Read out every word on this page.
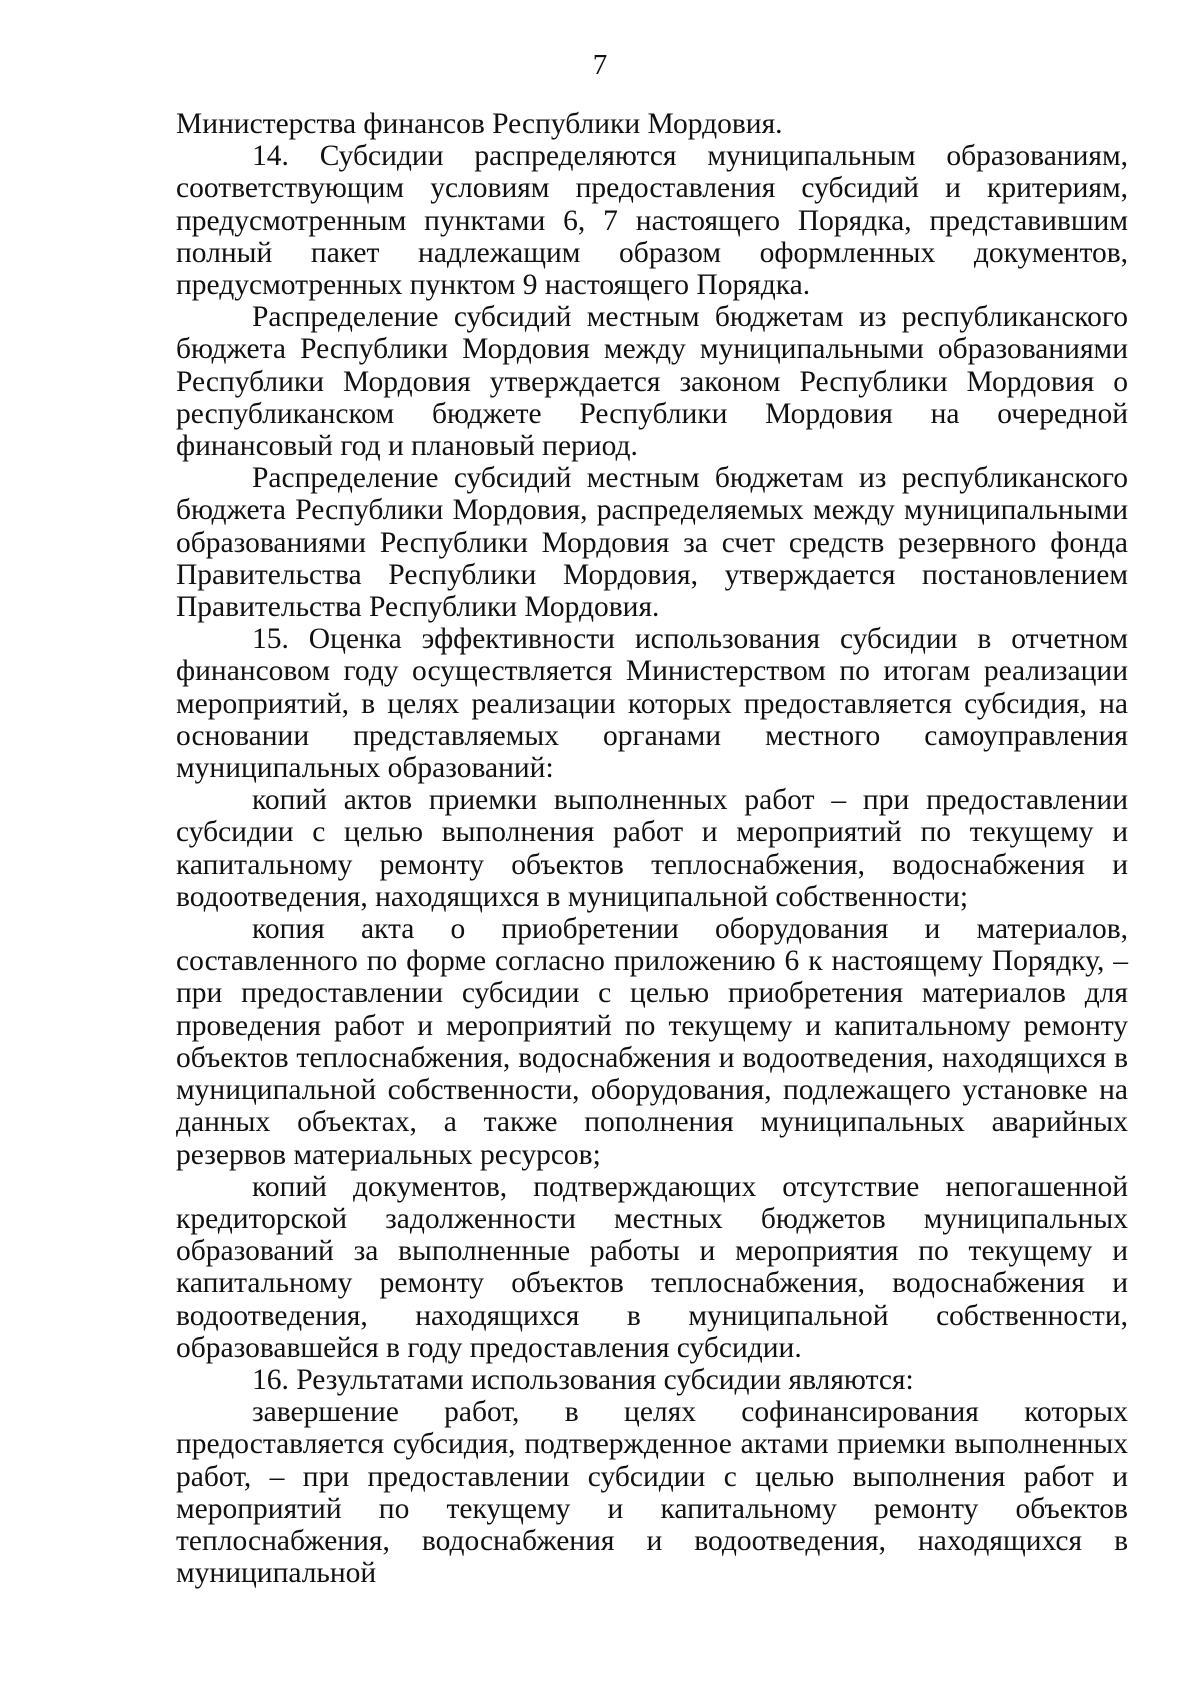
7

Министерства финансов Республики Мордовия.

14. Субсидии распределяются муниципальным образованиям, соответствующим условиям предоставления субсидий и критериям, предусмотренным пунктами 6, 7 настоящего Порядка, представившим полный пакет надлежащим образом оформленных документов, предусмотренных пунктом 9 настоящего Порядка.

Распределение субсидий местным бюджетам из республиканского бюджета Республики Мордовия между муниципальными образованиями Республики Мордовия утверждается законом Республики Мордовия о республиканском бюджете Республики Мордовия на очередной финансовый год и плановый период.

Распределение субсидий местным бюджетам из республиканского бюджета Республики Мордовия, распределяемых между муниципальными образованиями Республики Мордовия за счет средств резервного фонда Правительства Республики Мордовия, утверждается постановлением Правительства Республики Мордовия.

15. Оценка эффективности использования субсидии в отчетном финансовом году осуществляется Министерством по итогам реализации мероприятий, в целях реализации которых предоставляется субсидия, на основании представляемых органами местного самоуправления муниципальных образований:

копий актов приемки выполненных работ – при предоставлении субсидии с целью выполнения работ и мероприятий по текущему и капитальному ремонту объектов теплоснабжения, водоснабжения и водоотведения, находящихся в муниципальной собственности;

копия акта о приобретении оборудования и материалов, составленного по форме согласно приложению 6 к настоящему Порядку, – при предоставлении субсидии с целью приобретения материалов для проведения работ и мероприятий по текущему и капитальному ремонту объектов теплоснабжения, водоснабжения и водоотведения, находящихся в муниципальной собственности, оборудования, подлежащего установке на данных объектах, а также пополнения муниципальных аварийных резервов материальных ресурсов;

копий документов, подтверждающих отсутствие непогашенной кредиторской задолженности местных бюджетов муниципальных образований за выполненные работы и мероприятия по текущему и капитальному ремонту объектов теплоснабжения, водоснабжения и водоотведения, находящихся в муниципальной собственности, образовавшейся в году предоставления субсидии.

16. Результатами использования субсидии являются:

завершение работ, в целях софинансирования которых предоставляется субсидия, подтвержденное актами приемки выполненных работ, – при предоставлении субсидии с целью выполнения работ и мероприятий по текущему и капитальному ремонту объектов теплоснабжения, водоснабжения и водоотведения, находящихся в муниципальной
